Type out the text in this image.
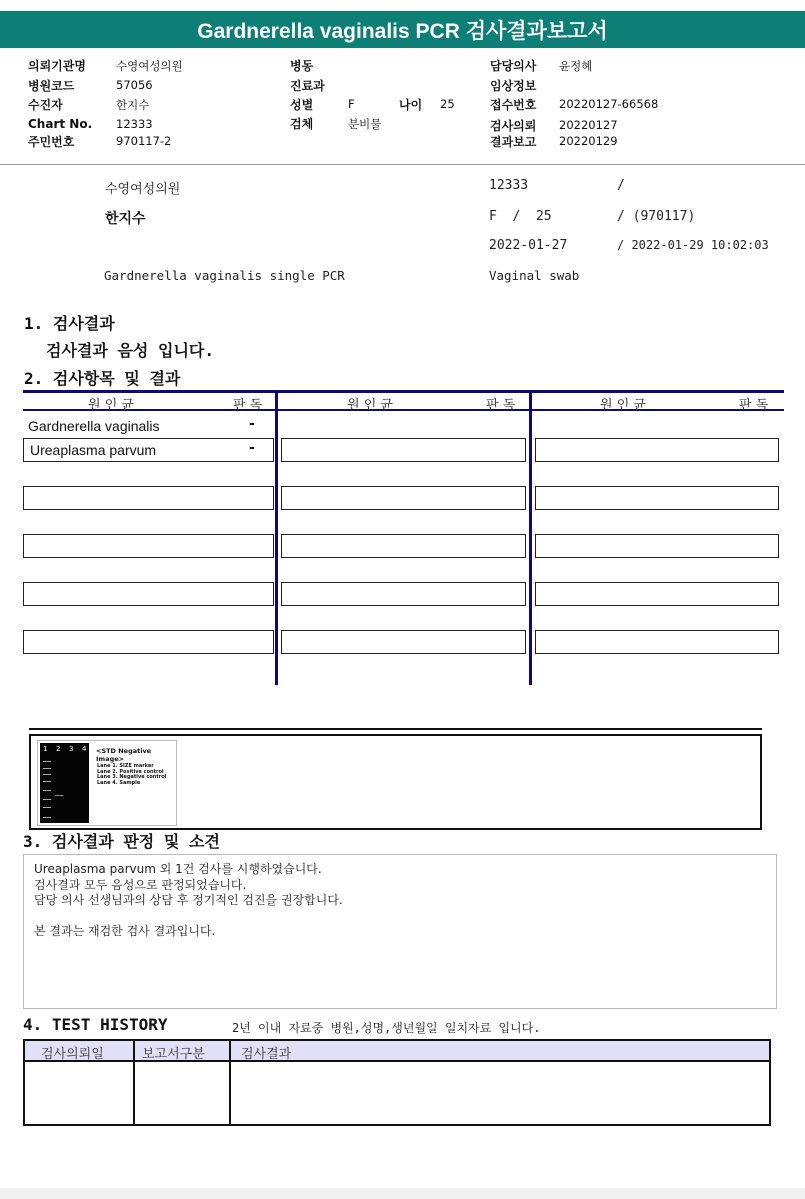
Gardnerella vaginalis PCR 검사결과보고서
의뢰기관명	수영여성의원
병원코드	57056
수진자	한지수
Chart No. 12333
주민번호	970117-2
병동
진료과
성별	F	나이 25
검체	분비물
담당의사 윤정혜
임상정보
접수번호 20220127-66568
검사의뢰 20220127
결과보고 20220129
수영여성의원	12333	/
한지수	F  /  25	/ (970117)
2022-01-27	/ 2022-01-29 10:02:03
Gardnerella vaginalis single PCR	Vaginal swab
1. 검사결과
검사결과 음성 입니다.
2. 검사항목 및 결과
원 인 균	판 독	원 인 균	판 독	원 인 균	판 독
Gardnerella vaginalis	-
Ureaplasma parvum	-
1 2 3 4 <STD Negative Image>
Lane 1. SIZE marker
Lane 2. Positive control
Lane 3. Negative control
Lane 4. Sample
3. 검사결과 판정 및 소견
Ureaplasma parvum 외 1건 검사를 시행하였습니다.
검사결과 모두 음성으로 판정되었습니다.
담당 의사 선생님과의 상담 후 정기적인 검진을 권장합니다.
본 결과는 재검한 검사 결과입니다.
4. TEST HISTORY	2년 이내 자료중 병원,성명,생년월일 일치자료 입니다.
검사의뢰일	보고서구분	검사결과
